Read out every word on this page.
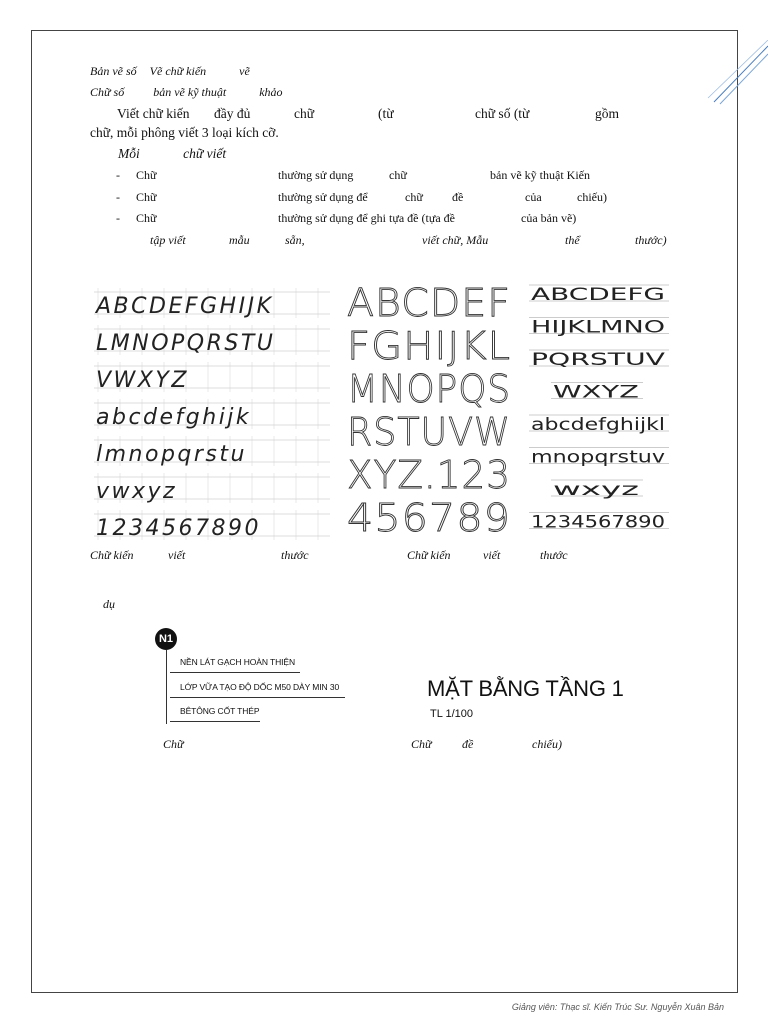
Bản vẽ số Vẽ chữ kiến	vẽ
Chữ số bản vẽ kỹ thuật	khảo
Viết chữ kiến đầy đủ	chữ	(từ	chữ số (từ	gồm
chữ, mỗi phông viết 3 loại kích cỡ.
Mỗi	chữ viết
- Chữ	thường sử dụng	chữ	bản vẽ kỹ thuật Kiến
- Chữ	thường sử dụng để	chữ đề	của	chiếu)
- Chữ	thường sử dụng để ghi tựa đề (tựa đề	của bản vẽ)
tập viết	mẫu	sẵn,	viết chữ, Mẫu	thể	thước)
ABCDEFGHIJK
LMNOPQRSTU
VWXYZ
abcdefghijk
lmnopqrstu
vwxyz
1234567890
ABCDEF
FGHIJKL
MNOPQS
RSTUVW
XYZ.123
456789
ABCDEFG
HIJKLMNO
PQRSTUV
WXYZ
abcdefghijkl
mnopqrstuv
wxyz
1234567890
Chữ kiến	viết	thước	Chữ kiến	viết	thước
dụ
N1
NỀN LÁT GẠCH HOÀN THIỆN
LỚP VỮA TẠO ĐỘ DỐC M50 DÀY MIN 30
BÊTÔNG CỐT THÉP
MẶT BẰNG TẦNG 1
TL 1/100
Chữ	Chữ	đề	chiếu)
Giảng viên: Thạc sĩ. Kiến Trúc Sư. Nguyễn Xuân Bản
